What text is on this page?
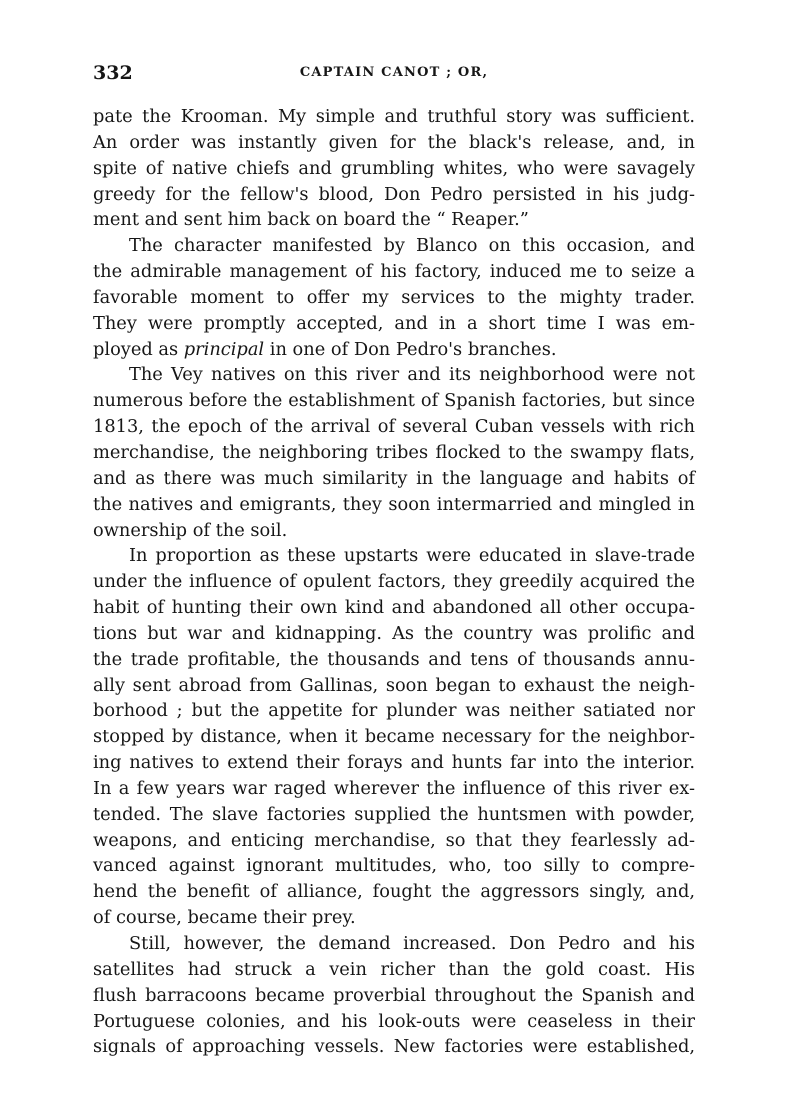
332	CAPTAIN CANOT ; OR,
pate the Krooman. My simple and truthful story was sufficient.
An order was instantly given for the black's release, and, in
spite of native chiefs and grumbling whites, who were savagely
greedy for the fellow's blood, Don Pedro persisted in his judg-
ment and sent him back on board the “ Reaper.”
The character manifested by Blanco on this occasion, and
the admirable management of his factory, induced me to seize a
favorable moment to offer my services to the mighty trader.
They were promptly accepted, and in a short time I was em-
ployed as principal in one of Don Pedro's branches.
The Vey natives on this river and its neighborhood were not
numerous before the establishment of Spanish factories, but since
1813, the epoch of the arrival of several Cuban vessels with rich
merchandise, the neighboring tribes flocked to the swampy flats,
and as there was much similarity in the language and habits of
the natives and emigrants, they soon intermarried and mingled in
ownership of the soil.
In proportion as these upstarts were educated in slave-trade
under the influence of opulent factors, they greedily acquired the
habit of hunting their own kind and abandoned all other occupa-
tions but war and kidnapping. As the country was prolific and
the trade profitable, the thousands and tens of thousands annu-
ally sent abroad from Gallinas, soon began to exhaust the neigh-
borhood ; but the appetite for plunder was neither satiated nor
stopped by distance, when it became necessary for the neighbor-
ing natives to extend their forays and hunts far into the interior.
In a few years war raged wherever the influence of this river ex-
tended. The slave factories supplied the huntsmen with powder,
weapons, and enticing merchandise, so that they fearlessly ad-
vanced against ignorant multitudes, who, too silly to compre-
hend the benefit of alliance, fought the aggressors singly, and,
of course, became their prey.
Still, however, the demand increased. Don Pedro and his
satellites had struck a vein richer than the gold coast. His
flush barracoons became proverbial throughout the Spanish and
Portuguese colonies, and his look-outs were ceaseless in their
signals of approaching vessels. New factories were established,
